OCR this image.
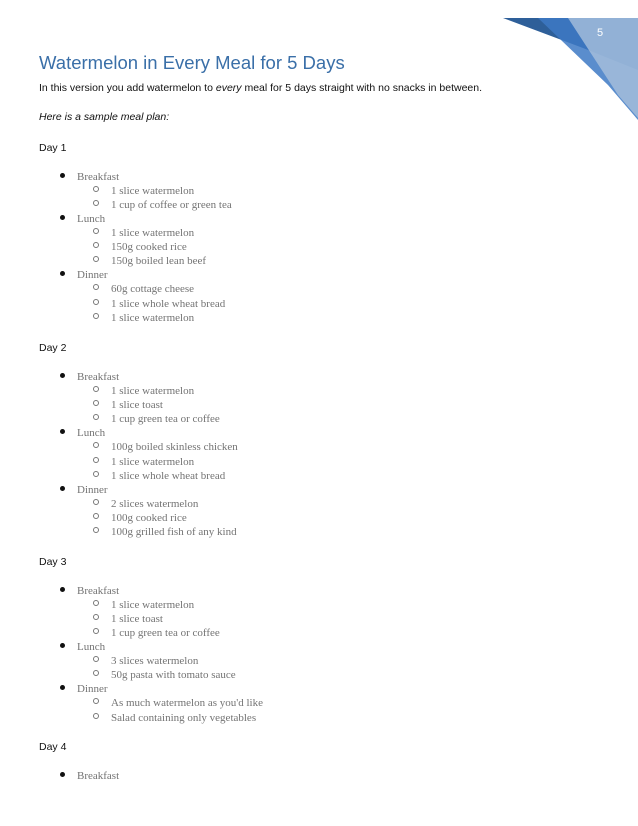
5
Watermelon in Every Meal for 5 Days

In this version you add watermelon to every meal for 5 days straight with no snacks in between.

Here is a sample meal plan:

Day 1

Breakfast
1 slice watermelon
1 cup of coffee or green tea
Lunch
1 slice watermelon
150g cooked rice
150g boiled lean beef
Dinner
60g cottage cheese
1 slice whole wheat bread
1 slice watermelon

Day 2

Breakfast
1 slice watermelon
1 slice toast
1 cup green tea or coffee
Lunch
100g boiled skinless chicken
1 slice watermelon
1 slice whole wheat bread
Dinner
2 slices watermelon
100g cooked rice
100g grilled fish of any kind

Day 3

Breakfast
1 slice watermelon
1 slice toast
1 cup green tea or coffee
Lunch
3 slices watermelon
50g pasta with tomato sauce
Dinner
As much watermelon as you'd like
Salad containing only vegetables

Day 4

Breakfast
